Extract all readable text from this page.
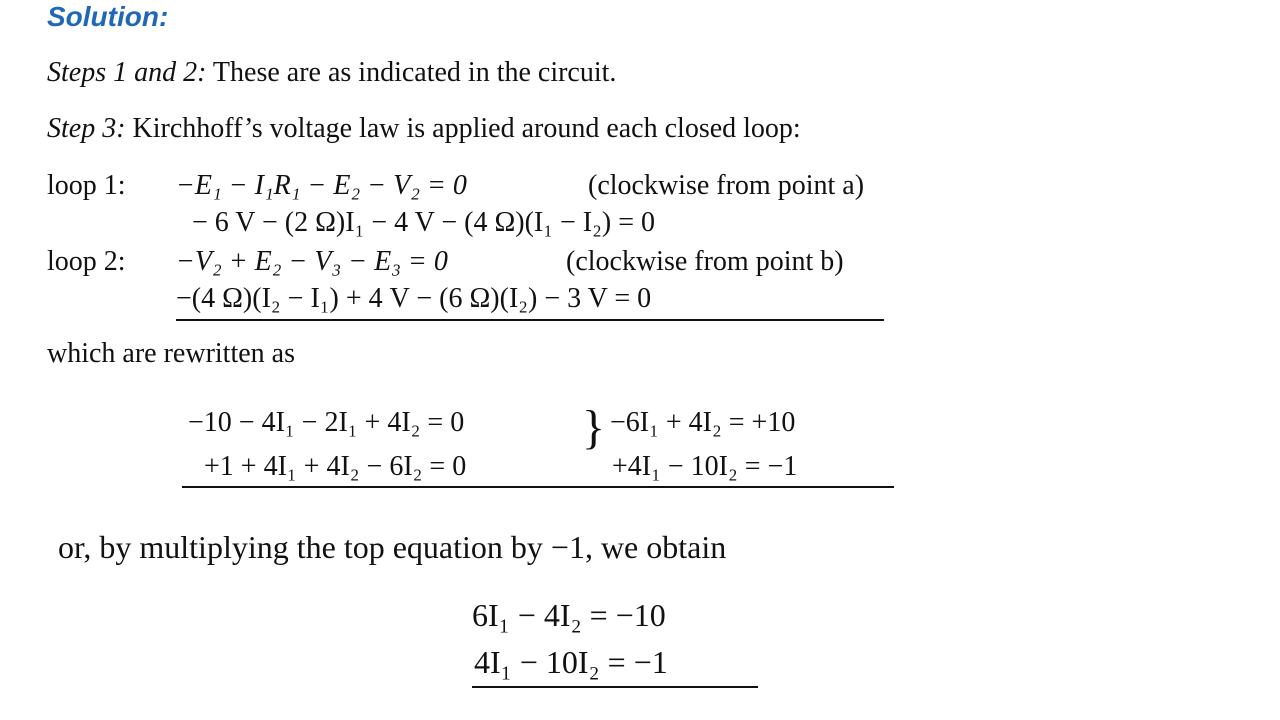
Solution:
Steps 1 and 2: These are as indicated in the circuit.
Step 3: Kirchhoff’s voltage law is applied around each closed loop:
loop 1: −E₁ − I₁R₁ − E₂ − V₂ = 0	(clockwise from point a)
− 6 V − (2 Ω)I₁ − 4 V − (4 Ω)(I₁ − I₂) = 0
loop 2: −V₂ + E₂ − V₃ − E₃ = 0	(clockwise from point b)
−(4 Ω)(I₂ − I₁) + 4 V − (6 Ω)(I₂) − 3 V = 0
which are rewritten as
−10 − 4I₁ − 2I₁ + 4I₂ = 0
+1 + 4I₁ + 4I₂ − 6I₂ = 0
} −6I₁ + 4I₂ = +10
+4I₁ − 10I₂ = −1
or, by multiplying the top equation by −1, we obtain
6I₁ − 4I₂ = −10
4I₁ − 10I₂ = −1
